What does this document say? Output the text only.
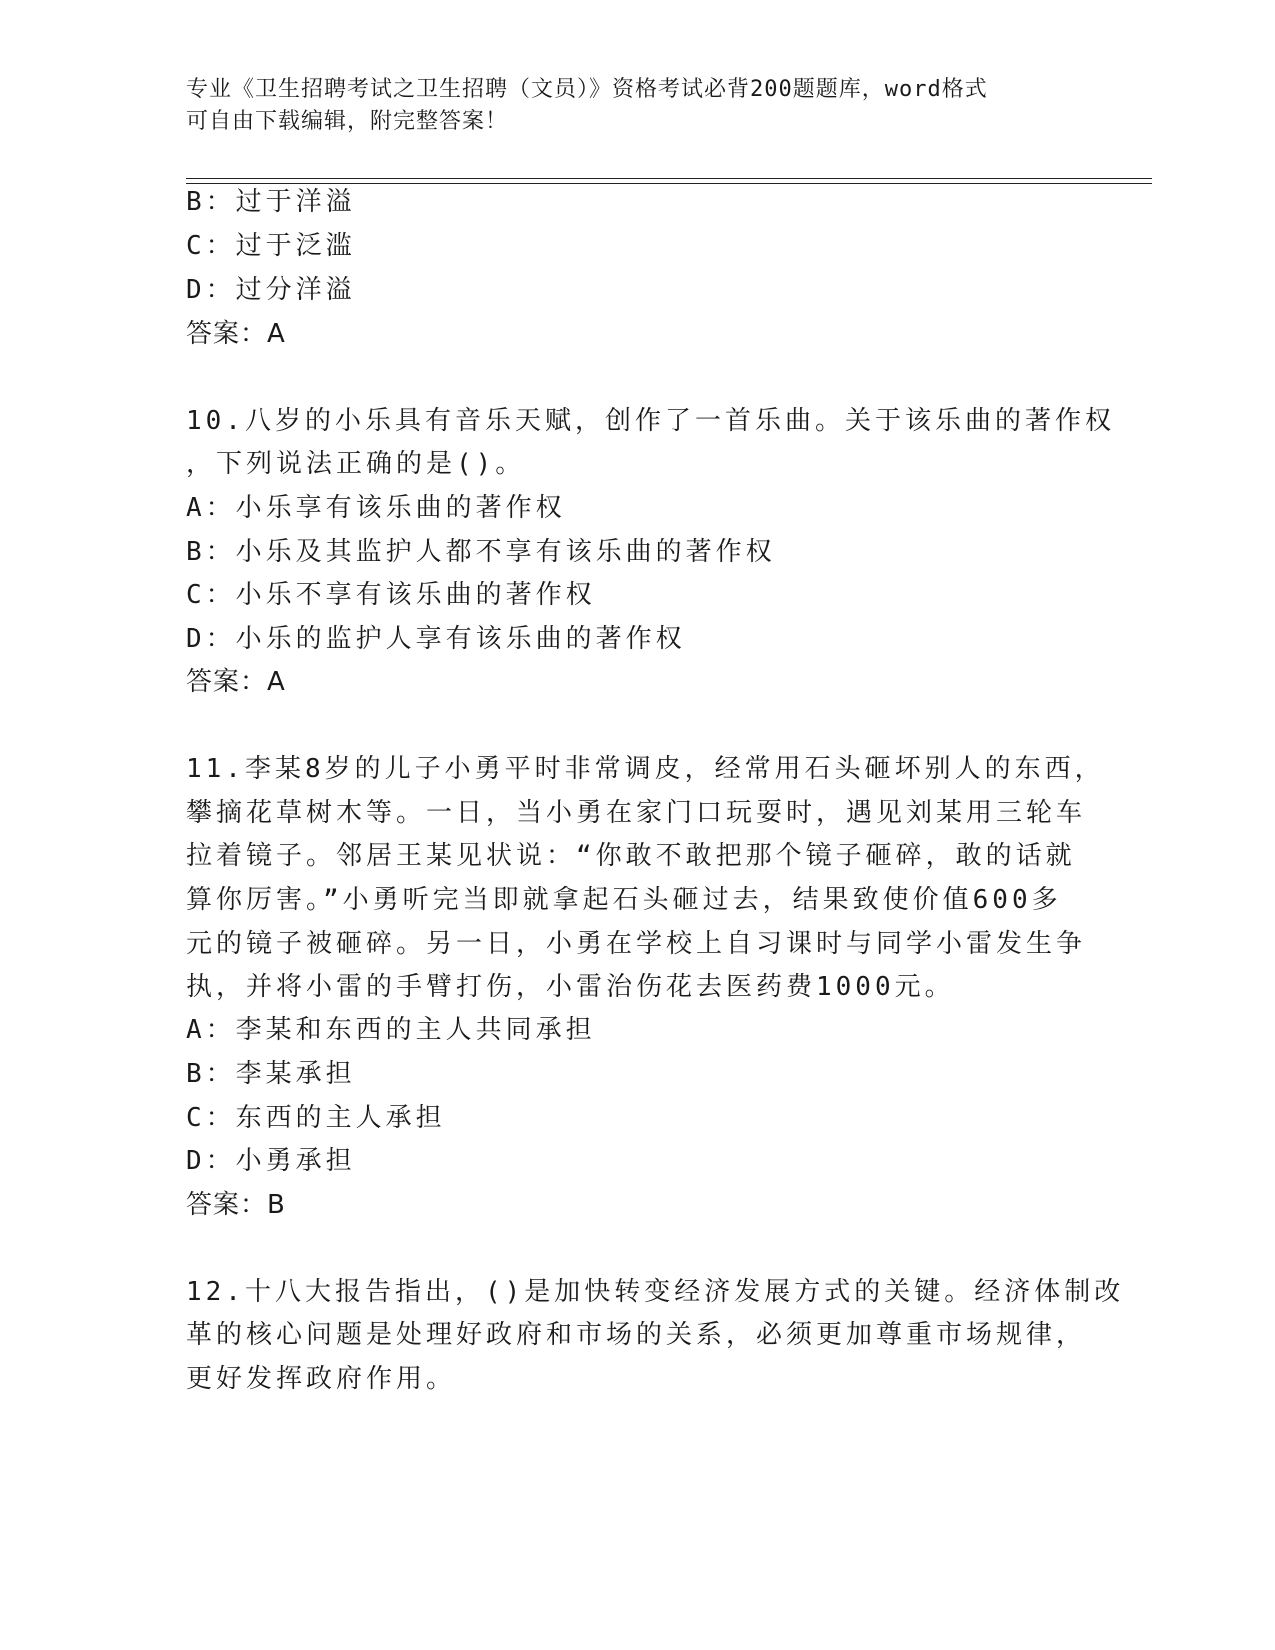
专业《卫生招聘考试之卫生招聘（文员）》资格考试必背200题题库，word格式
可自由下载编辑，附完整答案！
B：过于洋溢
C：过于泛滥
D：过分洋溢
答案：A
10.八岁的小乐具有音乐天赋，创作了一首乐曲。关于该乐曲的著作权
，下列说法正确的是()。
A：小乐享有该乐曲的著作权
B：小乐及其监护人都不享有该乐曲的著作权
C：小乐不享有该乐曲的著作权
D：小乐的监护人享有该乐曲的著作权
答案：A
11.李某8岁的儿子小勇平时非常调皮，经常用石头砸坏别人的东西，
攀摘花草树木等。一日，当小勇在家门口玩耍时，遇见刘某用三轮车
拉着镜子。邻居王某见状说：“你敢不敢把那个镜子砸碎，敢的话就
算你厉害。”小勇听完当即就拿起石头砸过去，结果致使价值600多
元的镜子被砸碎。另一日，小勇在学校上自习课时与同学小雷发生争
执，并将小雷的手臂打伤，小雷治伤花去医药费1000元。
A：李某和东西的主人共同承担
B：李某承担
C：东西的主人承担
D：小勇承担
答案：B
12.十八大报告指出，()是加快转变经济发展方式的关键。经济体制改
革的核心问题是处理好政府和市场的关系，必须更加尊重市场规律，
更好发挥政府作用。
